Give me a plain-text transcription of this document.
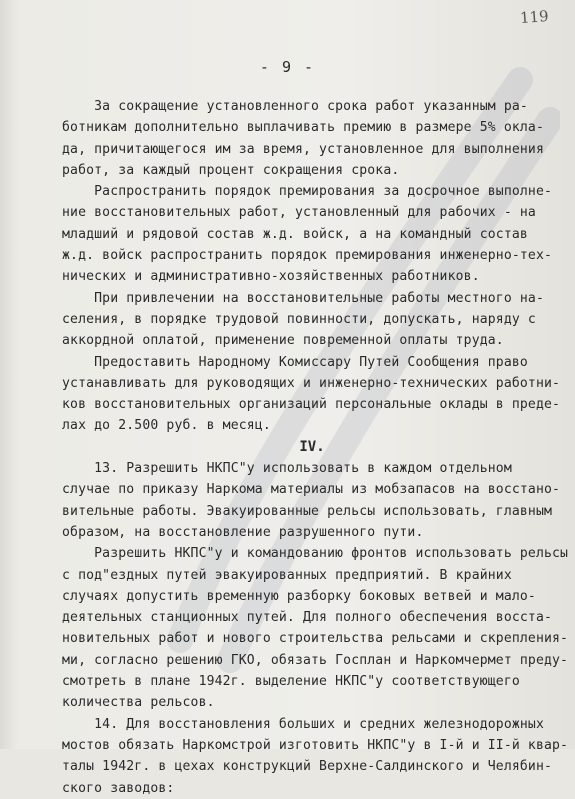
119
- 9 -
За сокращение установленного срока работ указанным ра-
ботникам дополнительно выплачивать премию в размере 5% окла-
да, причитающегося им за время, установленное для выполнения
работ, за каждый процент сокращения срока.
Распространить порядок премирования за досрочное выполне-
ние восстановительных работ, установленный для рабочих - на
младший и рядовой состав ж.д. войск, а на командный состав
ж.д. войск распространить порядок премирования инженерно-тех-
нических и административно-хозяйственных работников.
При привлечении на восстановительные работы местного на-
селения, в порядке трудовой повинности, допускать, наряду с
аккордной оплатой, применение повременной оплаты труда.
Предоставить Народному Комиссару Путей Сообщения право
устанавливать для руководящих и инженерно-технических работни-
ков восстановительных организаций персональные оклады в преде-
лах до 2.500 руб. в месяц.
IV.
13. Разрешить НКПС"у использовать в каждом отдельном
случае по приказу Наркома материалы из мобзапасов на восстано-
вительные работы. Эвакуированные рельсы использовать, главным
образом, на восстановление разрушенного пути.
Разрешить НКПС"у и командованию фронтов использовать рельсы
с под"ездных путей эвакуированных предприятий. В крайних
случаях допустить временную разборку боковых ветвей и мало-
деятельных станционных путей. Для полного обеспечения восста-
новительных работ и нового строительства рельсами и скрепления-
ми, согласно решению ГКО, обязать Госплан и Наркомчермет преду-
смотреть в плане 1942г. выделение НКПС"у соответствующего
количества рельсов.
14. Для восстановления больших и средних железнодорожных
мостов обязать Наркомстрой изготовить НКПС"у в I-й и II-й квар-
талы 1942г. в цехах конструкций Верхне-Салдинского и Челябин-
ского заводов:
